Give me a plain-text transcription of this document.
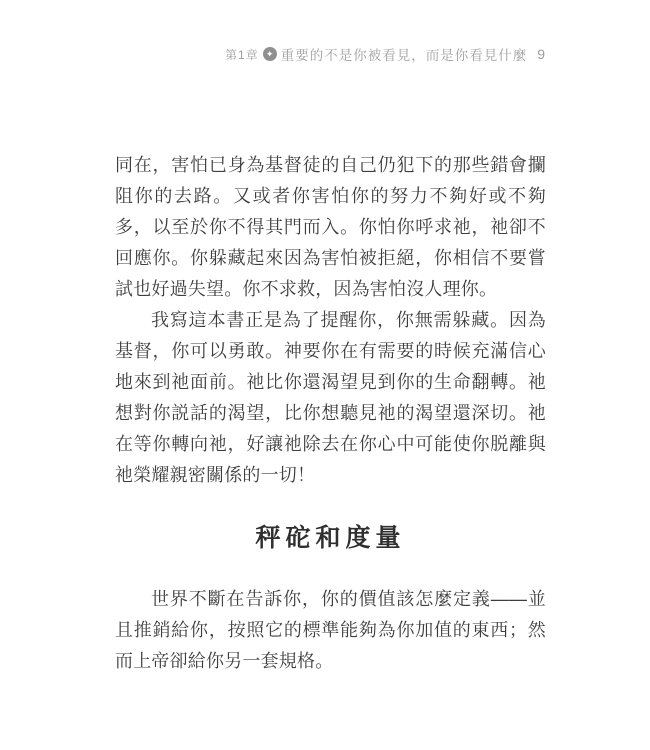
第1章 ✦ 重要的不是你被看見，而是你看見什麼 9

同在，害怕已身為基督徒的自己仍犯下的那些錯會攔阻你的去路。又或者你害怕你的努力不夠好或不夠多，以至於你不得其門而入。你怕你呼求祂，祂卻不回應你。你躲藏起來因為害怕被拒絕，你相信不要嘗試也好過失望。你不求救，因為害怕沒人理你。

我寫這本書正是為了提醒你，你無需躲藏。因為基督，你可以勇敢。神要你在有需要的時候充滿信心地來到祂面前。祂比你還渴望見到你的生命翻轉。祂想對你説話的渴望，比你想聽見祂的渴望還深切。祂在等你轉向祂，好讓祂除去在你心中可能使你脱離與祂榮耀親密關係的一切！

秤砣和度量

世界不斷在告訴你，你的價值該怎麼定義——並且推銷給你，按照它的標準能夠為你加值的東西；然而上帝卻給你另一套規格。
